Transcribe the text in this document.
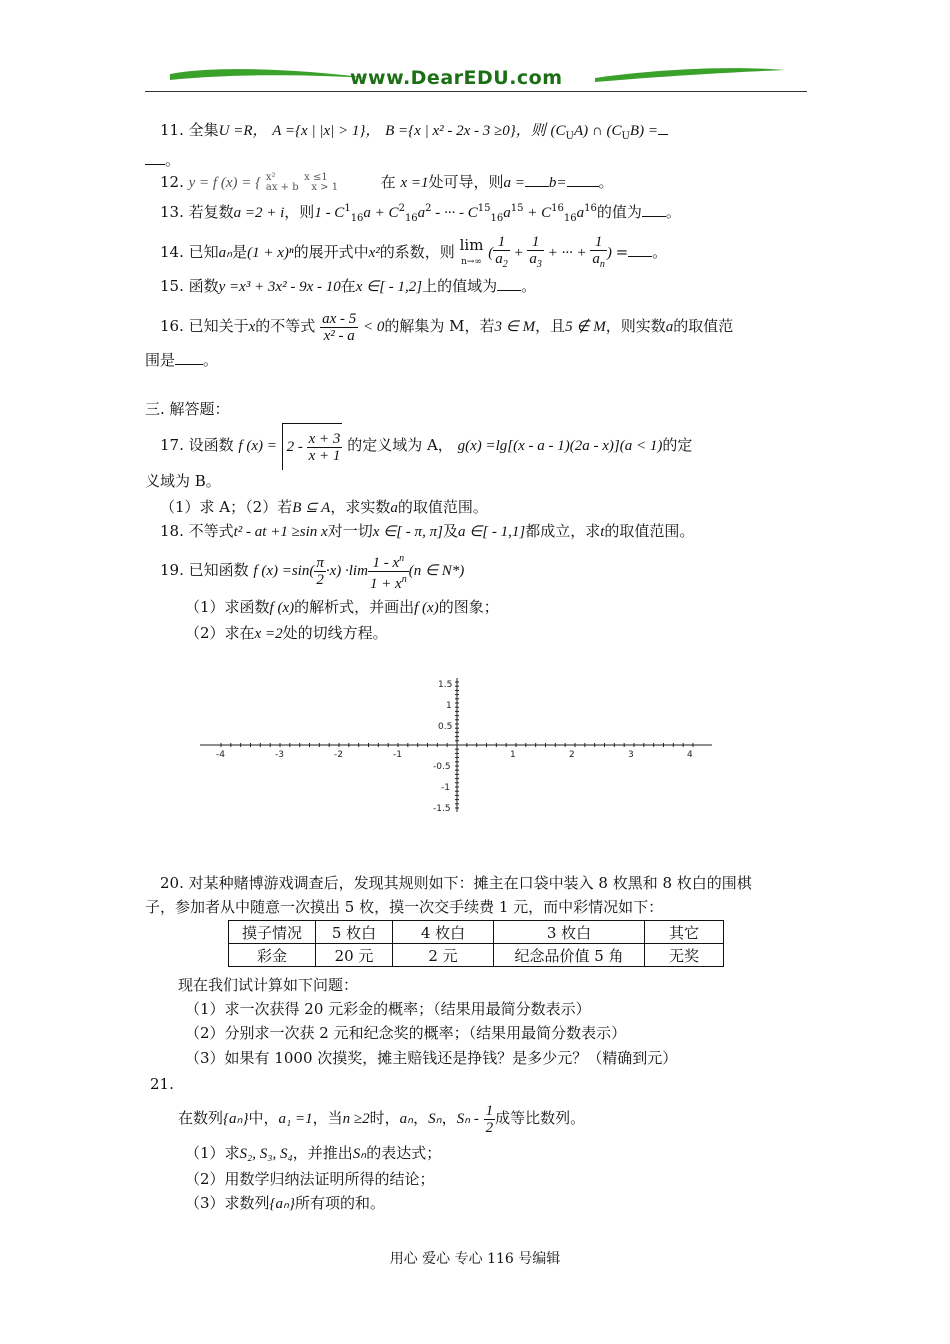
www.DearEDU.com
11. 全集U =R， A ={x | |x| > 1}， B ={x | x² - 2x - 3 ≥0}，则 $(C_UA)$ ∩ $(C_UB)$ =
。
12. y = f (x) = { x²         x ≤1
ax + b    x > 1	在 x =1处可导，则a = b= 。
13. 若复数a =2 + i，则$1 - C^1_{16}a + C^2_{16}a^2$ - ··· - $C^{15}_{16}a^{15} + C^{16}_{16}a^{16}$的值为 。
14. 已知aₙ是(1 + x)ⁿ的展开式中x²的系数，则 lim
n→∞ ( $\frac{1}{a_2} + \frac{1}{a_3}$ + ··· + $\frac{1}{a_n}$ ) = 。
15. 函数y =x³ + 3x² - 9x - 10在x ∈[ - 1,2]上的值域为 。
16. 已知关于x的不等式 $\frac{ax - 5}{\text{x² - a}} < 0$的解集为 M，若3 ∈ M，且5 ∉ M，则实数a的取值范
围是 。
三. 解答题：
17. 设函数 f $(x) = 2 - \frac{x + 3}{x + 1}$ 的定义域为 A， g(x) =lg[(x - a - 1)(2a - x)](a < 1)的定
义域为 B。
（1）求 A；（2）若B ⊆ A，求实数a的取值范围。
18. 不等式t² - at +1 ≥sin x对一切x ∈[ - π, π]及a ∈[ - 1,1]都成立，求t的取值范围。
19. 已知函数 f $(x) =\sin( \frac{\pi}{2} \cdot x) \cdot\lim \frac{1 - x^n}{1 + x^n} (n$ ∈ N*)
（1）求函数f (x)的解析式，并画出f (x)的图象；
（2）求在x =2处的切线方程。
-4	-3	-2	-1	1	2	3	4
1.5
1
0.5
-0.5
-1
-1.5
20. 对某种赌博游戏调查后，发现其规则如下：摊主在口袋中装入 8 枚黑和 8 枚白的围棋
子，参加者从中随意一次摸出 5 枚，摸一次交手续费 1 元，而中彩情况如下：
摸子情况	5 枚白	4 枚白	3 枚白	其它
彩金	20 元	2 元	纪念品价值 5 角	无奖
现在我们试计算如下问题：
（1）求一次获得 20 元彩金的概率；（结果用最简分数表示）
（2）分别求一次获 2 元和纪念奖的概率；（结果用最简分数表示）
（3）如果有 1000 次摸奖，摊主赔钱还是挣钱？是多少元？（精确到元）
21.
在数列{aₙ}中，a₁ =1，当n ≥2时，aₙ，Sₙ，Sₙ - $\frac{1}{2}$ 成等比数列。
（1）求S₂, S₃, S₄，并推出Sₙ的表达式；
（2）用数学归纳法证明所得的结论；
（3）求数列{aₙ}所有项的和。
用心 爱心 专心 116 号编辑
